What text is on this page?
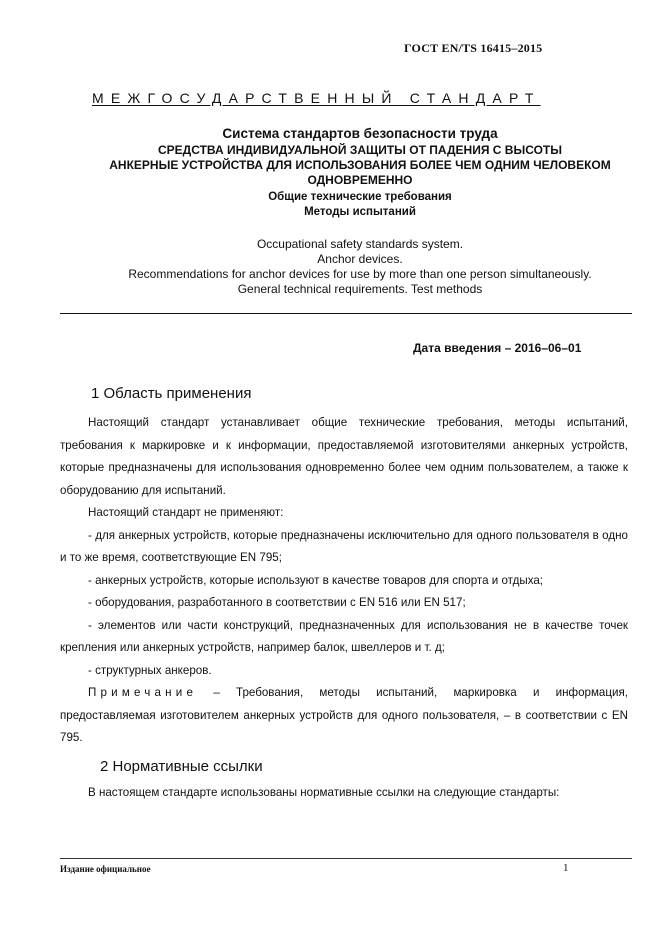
ГОСТ EN/TS 16415–2015
МЕЖГОСУДАРСТВЕННЫЙ СТАНДАРТ
Система стандартов безопасности труда
СРЕДСТВА ИНДИВИДУАЛЬНОЙ ЗАЩИТЫ ОТ ПАДЕНИЯ С ВЫСОТЫ
АНКЕРНЫЕ УСТРОЙСТВА ДЛЯ ИСПОЛЬЗОВАНИЯ БОЛЕЕ ЧЕМ ОДНИМ ЧЕЛОВЕКОМ
ОДНОВРЕМЕННО
Общие технические требования
Методы испытаний
Occupational safety standards system.
Anchor devices.
Recommendations for anchor devices for use by more than one person simultaneously.
General technical requirements. Test methods
Дата введения – 2016–06–01
1 Область применения

Настоящий стандарт устанавливает общие технические требования, методы испытаний, требования к маркировке и к информации, предоставляемой изготовителями анкерных устройств, которые предназначены для использования одновременно более чем одним пользователем, а также к оборудованию для испытаний.

Настоящий стандарт не применяют:

- для анкерных устройств, которые предназначены исключительно для одного пользователя в одно и то же время, соответствующие EN 795;

- анкерных устройств, которые используют в качестве товаров для спорта и отдыха;

- оборудования, разработанного в соответствии с EN 516 или EN 517;

- элементов или части конструкций, предназначенных для использования не в качестве точек крепления или анкерных устройств, например балок, швеллеров и т. д;

- структурных анкеров.

Примечание – Требования, методы испытаний, маркировка и информация, предоставляемая изготовителем анкерных устройств для одного пользователя, – в соответствии с EN 795.

2 Нормативные ссылки

В настоящем стандарте использованы нормативные ссылки на следующие стандарты:

Издание официальное	1
